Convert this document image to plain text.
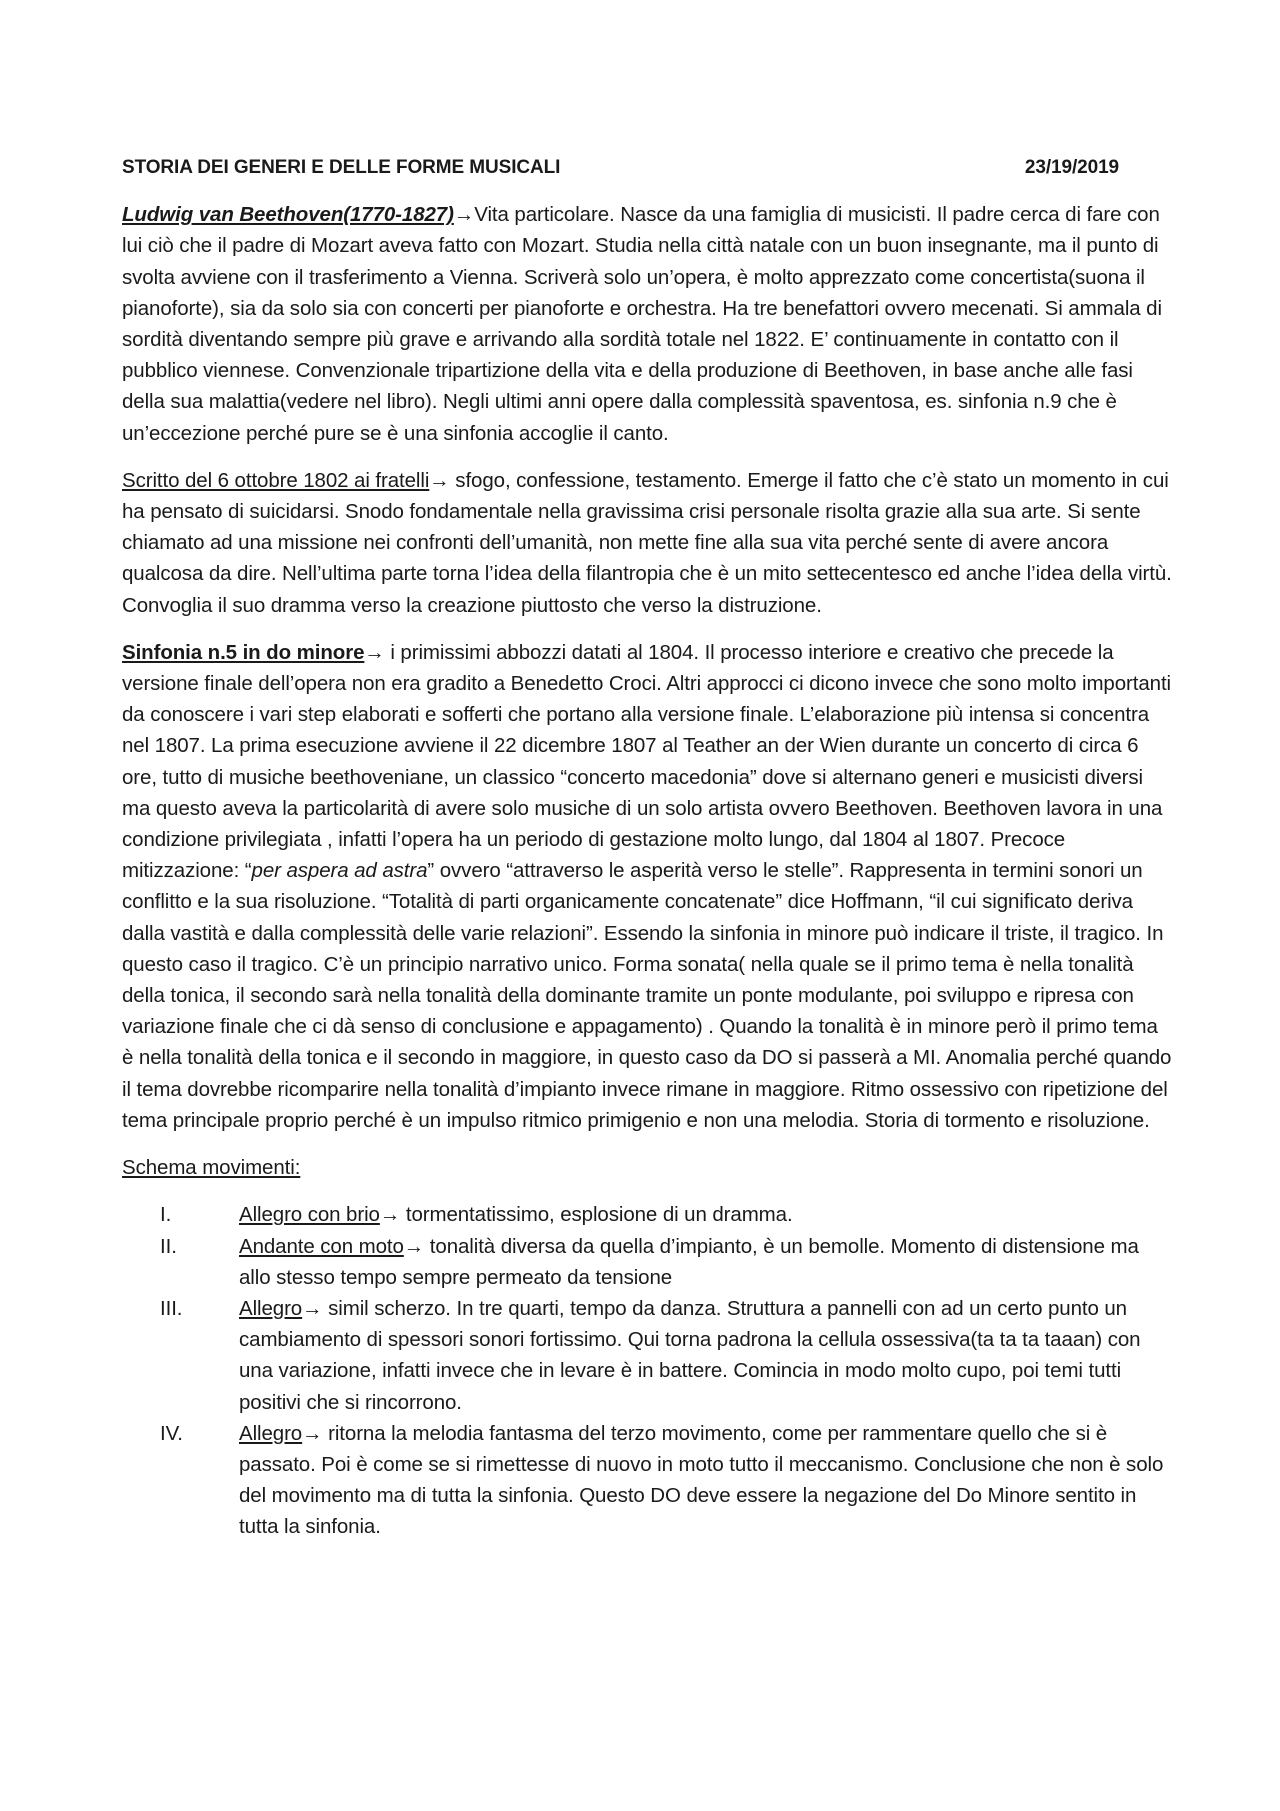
STORIA DEI GENERI E DELLE FORME MUSICALI	23/19/2019

Ludwig van Beethoven(1770-1827)→Vita particolare. Nasce da una famiglia di musicisti. Il padre cerca di fare con lui ciò che il padre di Mozart aveva fatto con Mozart. Studia nella città natale con un buon insegnante, ma il punto di svolta avviene con il trasferimento a Vienna. Scriverà solo un’opera, è molto apprezzato come concertista(suona il pianoforte), sia da solo sia con concerti per pianoforte e orchestra. Ha tre benefattori ovvero mecenati. Si ammala di sordità diventando sempre più grave e arrivando alla sordità totale nel 1822. E’ continuamente in contatto con il pubblico viennese. Convenzionale tripartizione della vita e della produzione di Beethoven, in base anche alle fasi della sua malattia(vedere nel libro). Negli ultimi anni opere dalla complessità spaventosa, es. sinfonia n.9 che è un’eccezione perché pure se è una sinfonia accoglie il canto.

Scritto del 6 ottobre 1802 ai fratelli→ sfogo, confessione, testamento. Emerge il fatto che c’è stato un momento in cui ha pensato di suicidarsi. Snodo fondamentale nella gravissima crisi personale risolta grazie alla sua arte. Si sente chiamato ad una missione nei confronti dell’umanità, non mette fine alla sua vita perché sente di avere ancora qualcosa da dire. Nell’ultima parte torna l’idea della filantropia che è un mito settecentesco ed anche l’idea della virtù. Convoglia il suo dramma verso la creazione piuttosto che verso la distruzione.

Sinfonia n.5 in do minore→ i primissimi abbozzi datati al 1804. Il processo interiore e creativo che precede la versione finale dell’opera non era gradito a Benedetto Croci. Altri approcci ci dicono invece che sono molto importanti da conoscere i vari step elaborati e sofferti che portano alla versione finale. L’elaborazione più intensa si concentra nel 1807. La prima esecuzione avviene il 22 dicembre 1807 al Teather an der Wien durante un concerto di circa 6 ore, tutto di musiche beethoveniane, un classico “concerto macedonia” dove si alternano generi e musicisti diversi ma questo aveva la particolarità di avere solo musiche di un solo artista ovvero Beethoven. Beethoven lavora in una condizione privilegiata , infatti l’opera ha un periodo di gestazione molto lungo, dal 1804 al 1807. Precoce mitizzazione: “per aspera ad astra” ovvero “attraverso le asperità verso le stelle”. Rappresenta in termini sonori un conflitto e la sua risoluzione. “Totalità di parti organicamente concatenate” dice Hoffmann, “il cui significato deriva dalla vastità e dalla complessità delle varie relazioni”. Essendo la sinfonia in minore può indicare il triste, il tragico. In questo caso il tragico. C’è un principio narrativo unico. Forma sonata( nella quale se il primo tema è nella tonalità della tonica, il secondo sarà nella tonalità della dominante tramite un ponte modulante, poi sviluppo e ripresa con variazione finale che ci dà senso di conclusione e appagamento) . Quando la tonalità è in minore però il primo tema è nella tonalità della tonica e il secondo in maggiore, in questo caso da DO si passerà a MI. Anomalia perché quando il tema dovrebbe ricomparire nella tonalità d’impianto invece rimane in maggiore. Ritmo ossessivo con ripetizione del tema principale proprio perché è un impulso ritmico primigenio e non una melodia. Storia di tormento e risoluzione.

Schema movimenti:

I.	Allegro con brio→ tormentatissimo, esplosione di un dramma.
II.	Andante con moto→ tonalità diversa da quella d’impianto, è un bemolle. Momento di distensione ma allo stesso tempo sempre permeato da tensione
III.	Allegro→ simil scherzo. In tre quarti, tempo da danza. Struttura a pannelli con ad un certo punto un cambiamento di spessori sonori fortissimo. Qui torna padrona la cellula ossessiva(ta ta ta taaan) con una variazione, infatti invece che in levare è in battere. Comincia in modo molto cupo, poi temi tutti positivi che si rincorrono.
IV.	Allegro→ ritorna la melodia fantasma del terzo movimento, come per rammentare quello che si è passato. Poi è come se si rimettesse di nuovo in moto tutto il meccanismo. Conclusione che non è solo del movimento ma di tutta la sinfonia. Questo DO deve essere la negazione del Do Minore sentito in tutta la sinfonia.
